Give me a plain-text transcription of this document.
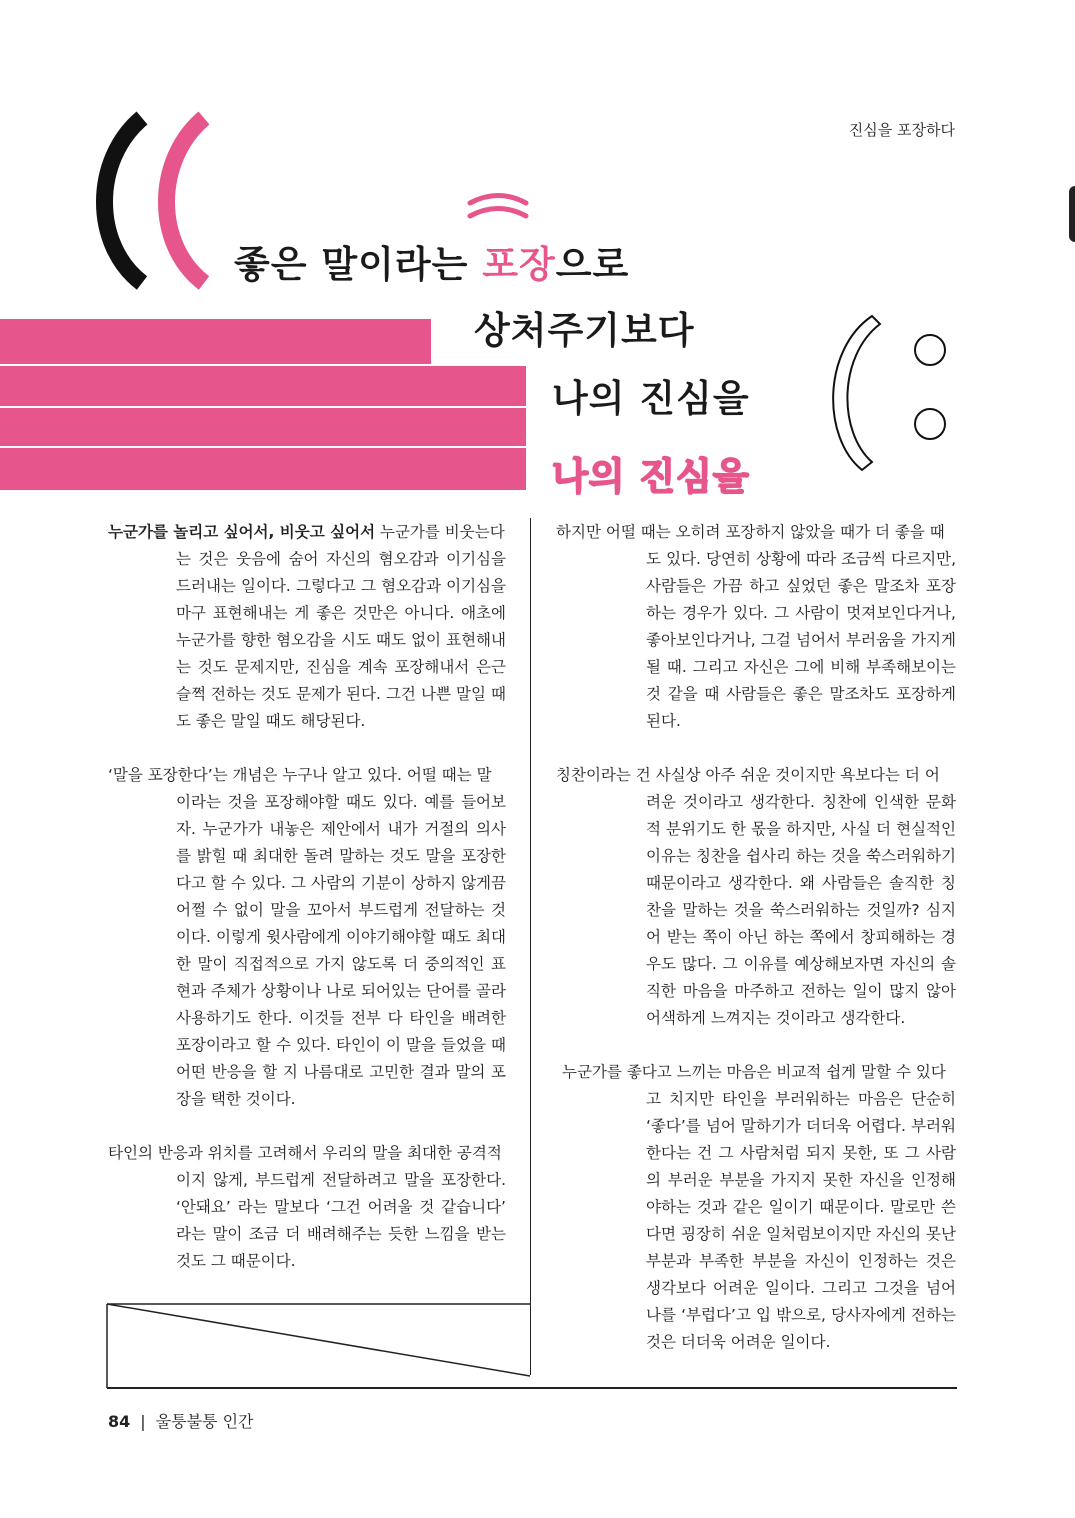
진심을 포장하다
좋은 말이라는 포장으로
상처주기보다
나의 진심을
나의 진심을

누군가를 놀리고 싶어서, 비웃고 싶어서 누군가를 비웃는다
는 것은 웃음에 숨어 자신의 혐오감과 이기심을 드러내는 일이다. 그렇다고 그 혐오감과 이기심을 마구 표현해내는 게 좋은 것만은 아니다. 애초에 누군가를 향한 혐오감을 시도 때도 없이 표현해내는 것도 문제지만, 진심을 계속 포장해내서 은근슬쩍 전하는 것도 문제가 된다. 그건 나쁜 말일 때도 좋은 말일 때도 해당된다.

‘말을 포장한다’는 개념은 누구나 알고 있다. 어떨 때는 말
이라는 것을 포장해야할 때도 있다. 예를 들어보자. 누군가가 내놓은 제안에서 내가 거절의 의사를 밝힐 때 최대한 돌려 말하는 것도 말을 포장한다고 할 수 있다. 그 사람의 기분이 상하지 않게끔 어쩔 수 없이 말을 꼬아서 부드럽게 전달하는 것이다. 이렇게 윗사람에게 이야기해야할 때도 최대한 말이 직접적으로 가지 않도록 더 중의적인 표현과 주체가 상황이나 나로 되어있는 단어를 골라 사용하기도 한다. 이것들 전부 다 타인을 배려한 포장이라고 할 수 있다. 타인이 이 말을 들었을 때 어떤 반응을 할 지 나름대로 고민한 결과 말의 포장을 택한 것이다.

타인의 반응과 위치를 고려해서 우리의 말을 최대한 공격적
이지 않게, 부드럽게 전달하려고 말을 포장한다. ‘안돼요’ 라는 말보다 ‘그건 어려울 것 같습니다’ 라는 말이 조금 더 배려해주는 듯한 느낌을 받는 것도 그 때문이다.

하지만 어떨 때는 오히려 포장하지 않았을 때가 더 좋을 때
도 있다. 당연히 상황에 따라 조금씩 다르지만, 사람들은 가끔 하고 싶었던 좋은 말조차 포장하는 경우가 있다. 그 사람이 멋져보인다거나, 좋아보인다거나, 그걸 넘어서 부러움을 가지게 될 때. 그리고 자신은 그에 비해 부족해보이는 것 같을 때 사람들은 좋은 말조차도 포장하게 된다.

칭찬이라는 건 사실상 아주 쉬운 것이지만 욕보다는 더 어
려운 것이라고 생각한다. 칭찬에 인색한 문화적 분위기도 한 몫을 하지만, 사실 더 현실적인 이유는 칭찬을 쉽사리 하는 것을 쑥스러워하기 때문이라고 생각한다. 왜 사람들은 솔직한 칭찬을 말하는 것을 쑥스러워하는 것일까? 심지어 받는 쪽이 아닌 하는 쪽에서 창피해하는 경우도 많다. 그 이유를 예상해보자면 자신의 솔직한 마음을 마주하고 전하는 일이 많지 않아 어색하게 느껴지는 것이라고 생각한다.

누군가를 좋다고 느끼는 마음은 비교적 쉽게 말할 수 있다
고 치지만 타인을 부러워하는 마음은 단순히 ‘좋다’를 넘어 말하기가 더더욱 어렵다. 부러워한다는 건 그 사람처럼 되지 못한, 또 그 사람의 부러운 부분을 가지지 못한 자신을 인정해야하는 것과 같은 일이기 때문이다. 말로만 쓴다면 굉장히 쉬운 일처럼보이지만 자신의 못난 부분과 부족한 부분을 자신이 인정하는 것은 생각보다 어려운 일이다. 그리고 그것을 넘어 나를 ‘부럽다’고 입 밖으로, 당사자에게 전하는 것은 더더욱 어려운 일이다.

84 | 울퉁불퉁 인간
